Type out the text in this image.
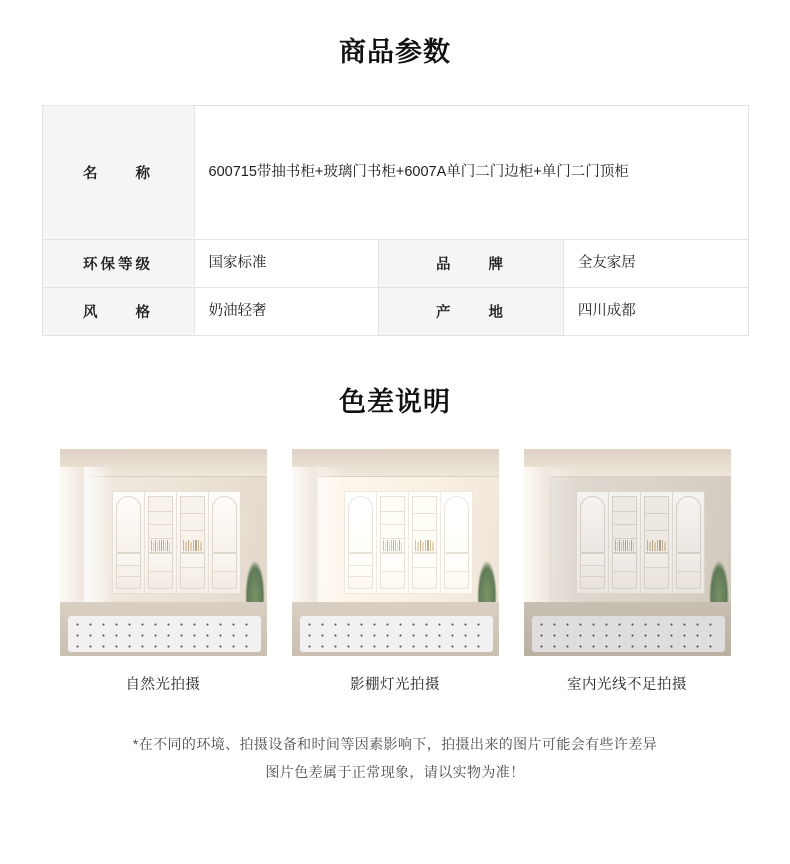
商品参数
名　　称	600715带抽书柜+玻璃门书柜+6007A单门二门边柜+单门二门顶柜		
环保等级	国家标准	品　　牌	全友家居
风　　格	奶油轻奢	产　　地	四川成都
色差说明
自然光拍摄	影棚灯光拍摄	室内光线不足拍摄
*在不同的环境、拍摄设备和时间等因素影响下，拍摄出来的图片可能会有些许差异
图片色差属于正常现象，请以实物为准！
